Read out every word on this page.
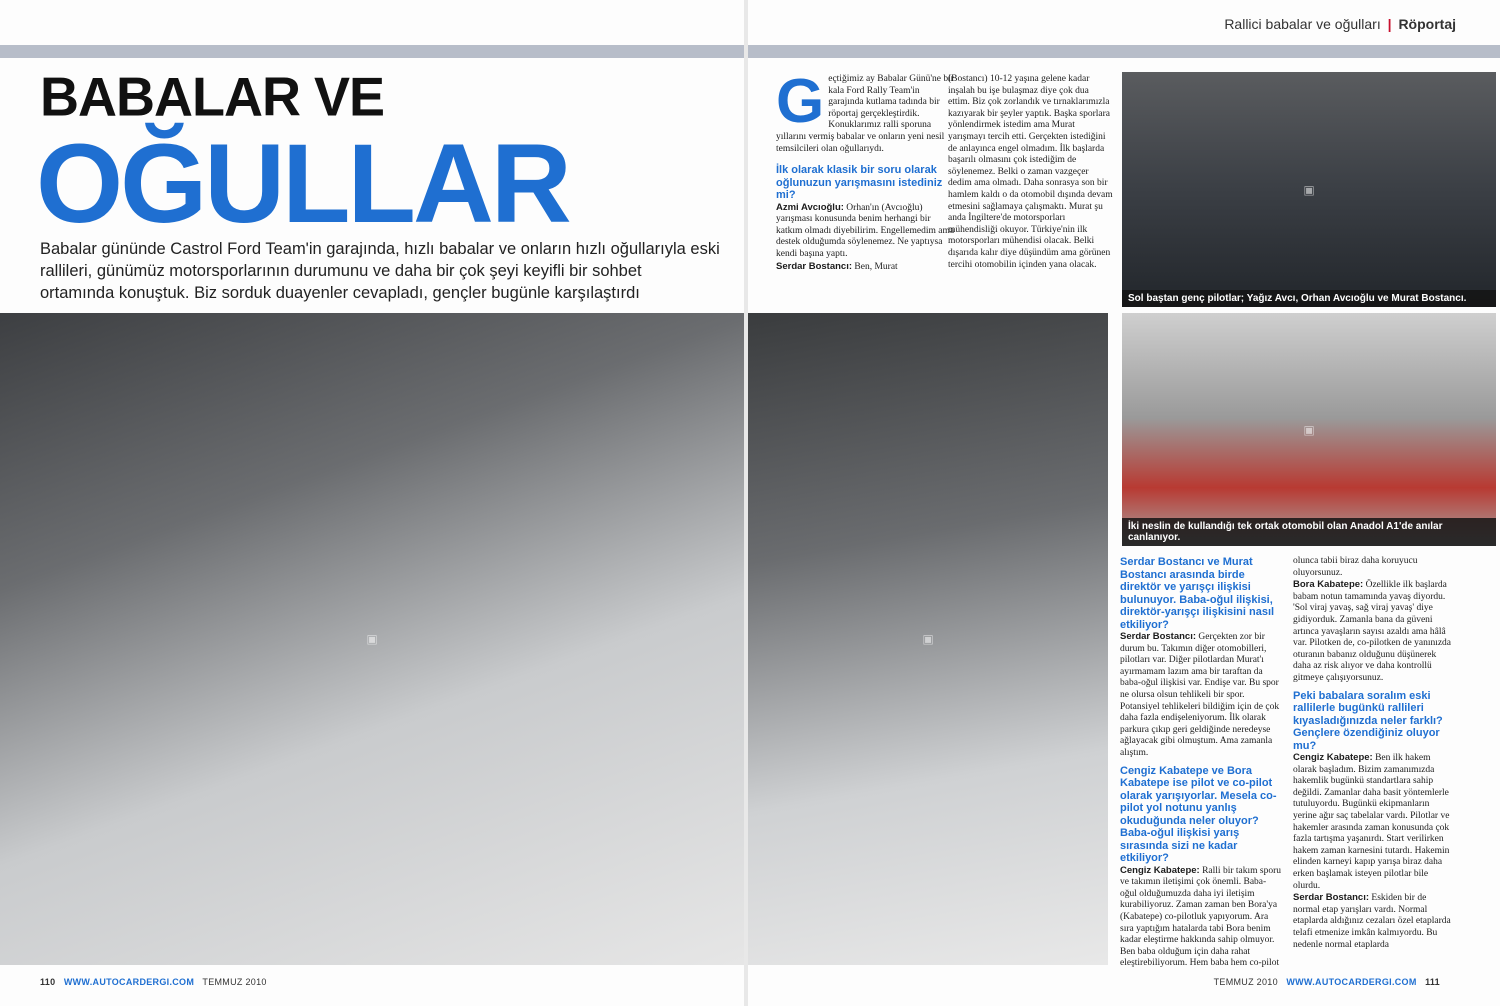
BABALAR VE
OĞULLAR
Babalar gününde Castrol Ford Team'in garajında, hızlı babalar ve onların hızlı oğullarıyla eski rallileri, günümüz motorsporlarının durumunu ve daha bir çok şeyi keyifli bir sohbet ortamında konuştuk. Biz sorduk duayenler cevapladı, gençler bugünle karşılaştırdı
▣
110 WWW.AUTOCARDERGI.COM TEMMUZ 2010
Rallici babalar ve oğulları | Röportaj

Geçtiğimiz ay Babalar Günü'ne bir kala Ford Rally Team'in garajında kutlama tadında bir röportaj gerçekleştirdik. Konuklarımız ralli sporuna yıllarını vermiş babalar ve onların yeni nesil temsilcileri olan oğullarıydı.

İlk olarak klasik bir soru olarak oğlunuzun yarışmasını istediniz mi?

Azmi Avcıoğlu: Orhan'ın (Avcıoğlu) yarışması konusunda benim herhangi bir katkım olmadı diyebilirim. Engellemedim ama destek olduğumda söylenemez. Ne yaptıysa kendi başına yaptı.

Serdar Bostancı: Ben, Murat

(Bostancı) 10-12 yaşına gelene kadar inşalah bu işe bulaşmaz diye çok dua ettim. Biz çok zorlandık ve tırnaklarımızla kazıyarak bir şeyler yaptık. Başka sporlara yönlendirmek istedim ama Murat yarışmayı tercih etti. Gerçekten istediğini de anlayınca engel olmadım. İlk başlarda başarılı olmasını çok istediğim de söylenemez. Belki o zaman vazgeçer dedim ama olmadı. Daha sonrasya son bir hamlem kaldı o da otomobil dışında devam etmesini sağlamaya çalışmaktı. Murat şu anda İngiltere'de motorsporları mühendisliği okuyor. Türkiye'nin ilk motorsporları mühendisi olacak. Belki dışarıda kalır diye düşündüm ama görünen tercihi otomobilin içinden yana olacak.

▣
Sol baştan genç pilotlar; Yağız Avcı, Orhan Avcıoğlu ve Murat Bostancı.
▣
▣
İki neslin de kullandığı tek ortak otomobil olan Anadol A1'de anılar canlanıyor.

Serdar Bostancı ve Murat Bostancı arasında birde direktör ve yarışçı ilişkisi bulunuyor. Baba-oğul ilişkisi, direktör-yarışçı ilişkisini nasıl etkiliyor?

Serdar Bostancı: Gerçekten zor bir durum bu. Takımın diğer otomobilleri, pilotları var. Diğer pilotlardan Murat'ı ayırmamam lazım ama bir taraftan da baba-oğul ilişkisi var. Endişe var. Bu spor ne olursa olsun tehlikeli bir spor. Potansiyel tehlikeleri bildiğim için de çok daha fazla endişeleniyorum. İlk olarak parkura çıkıp geri geldiğinde neredeyse ağlayacak gibi olmuştum. Ama zamanla alıştım.

Cengiz Kabatepe ve Bora Kabatepe ise pilot ve co-pilot olarak yarışıyorlar. Mesela co-pilot yol notunu yanlış okuduğunda neler oluyor? Baba-oğul ilişkisi yarış sırasında sizi ne kadar etkiliyor?

Cengiz Kabatepe: Ralli bir takım sporu ve takımın iletişimi çok önemli. Baba-oğul olduğumuzda daha iyi iletişim kurabiliyoruz. Zaman zaman ben Bora'ya (Kabatepe) co-pilotluk yapıyorum. Ara sıra yaptığım hatalarda tabi Bora benim kadar eleştirme hakkında sahip olmuyor. Ben baba olduğum için daha rahat eleştirebiliyorum. Hem baba hem co-pilot

olunca tabii biraz daha koruyucu oluyorsunuz.

Bora Kabatepe: Özellikle ilk başlarda babam notun tamamında yavaş diyordu. 'Sol viraj yavaş, sağ viraj yavaş' diye gidiyorduk. Zamanla bana da güveni artınca yavaşların sayısı azaldı ama hâlâ var. Pilotken de, co-pilotken de yanınızda oturanın babanız olduğunu düşünerek daha az risk alıyor ve daha kontrollü gitmeye çalışıyorsunuz.

Peki babalara soralım eski rallilerle bugünkü rallileri kıyasladığınızda neler farklı? Gençlere özendiğiniz oluyor mu?

Cengiz Kabatepe: Ben ilk hakem olarak başladım. Bizim zamanımızda hakemlik bugünkü standartlara sahip değildi. Zamanlar daha basit yöntemlerle tutuluyordu. Bugünkü ekipmanların yerine ağır saç tabelalar vardı. Pilotlar ve hakemler arasında zaman konusunda çok fazla tartışma yaşanırdı. Start verilirken hakem zaman karnesini tutardı. Hakemin elinden karneyi kapıp yarışa biraz daha erken başlamak isteyen pilotlar bile olurdu.

Serdar Bostancı: Eskiden bir de normal etap yarışları vardı. Normal etaplarda aldığınız cezaları özel etaplarda telafi etmenize imkân kalmıyordu. Bu nedenle normal etaplarda

TEMMUZ 2010 WWW.AUTOCARDERGI.COM 111
